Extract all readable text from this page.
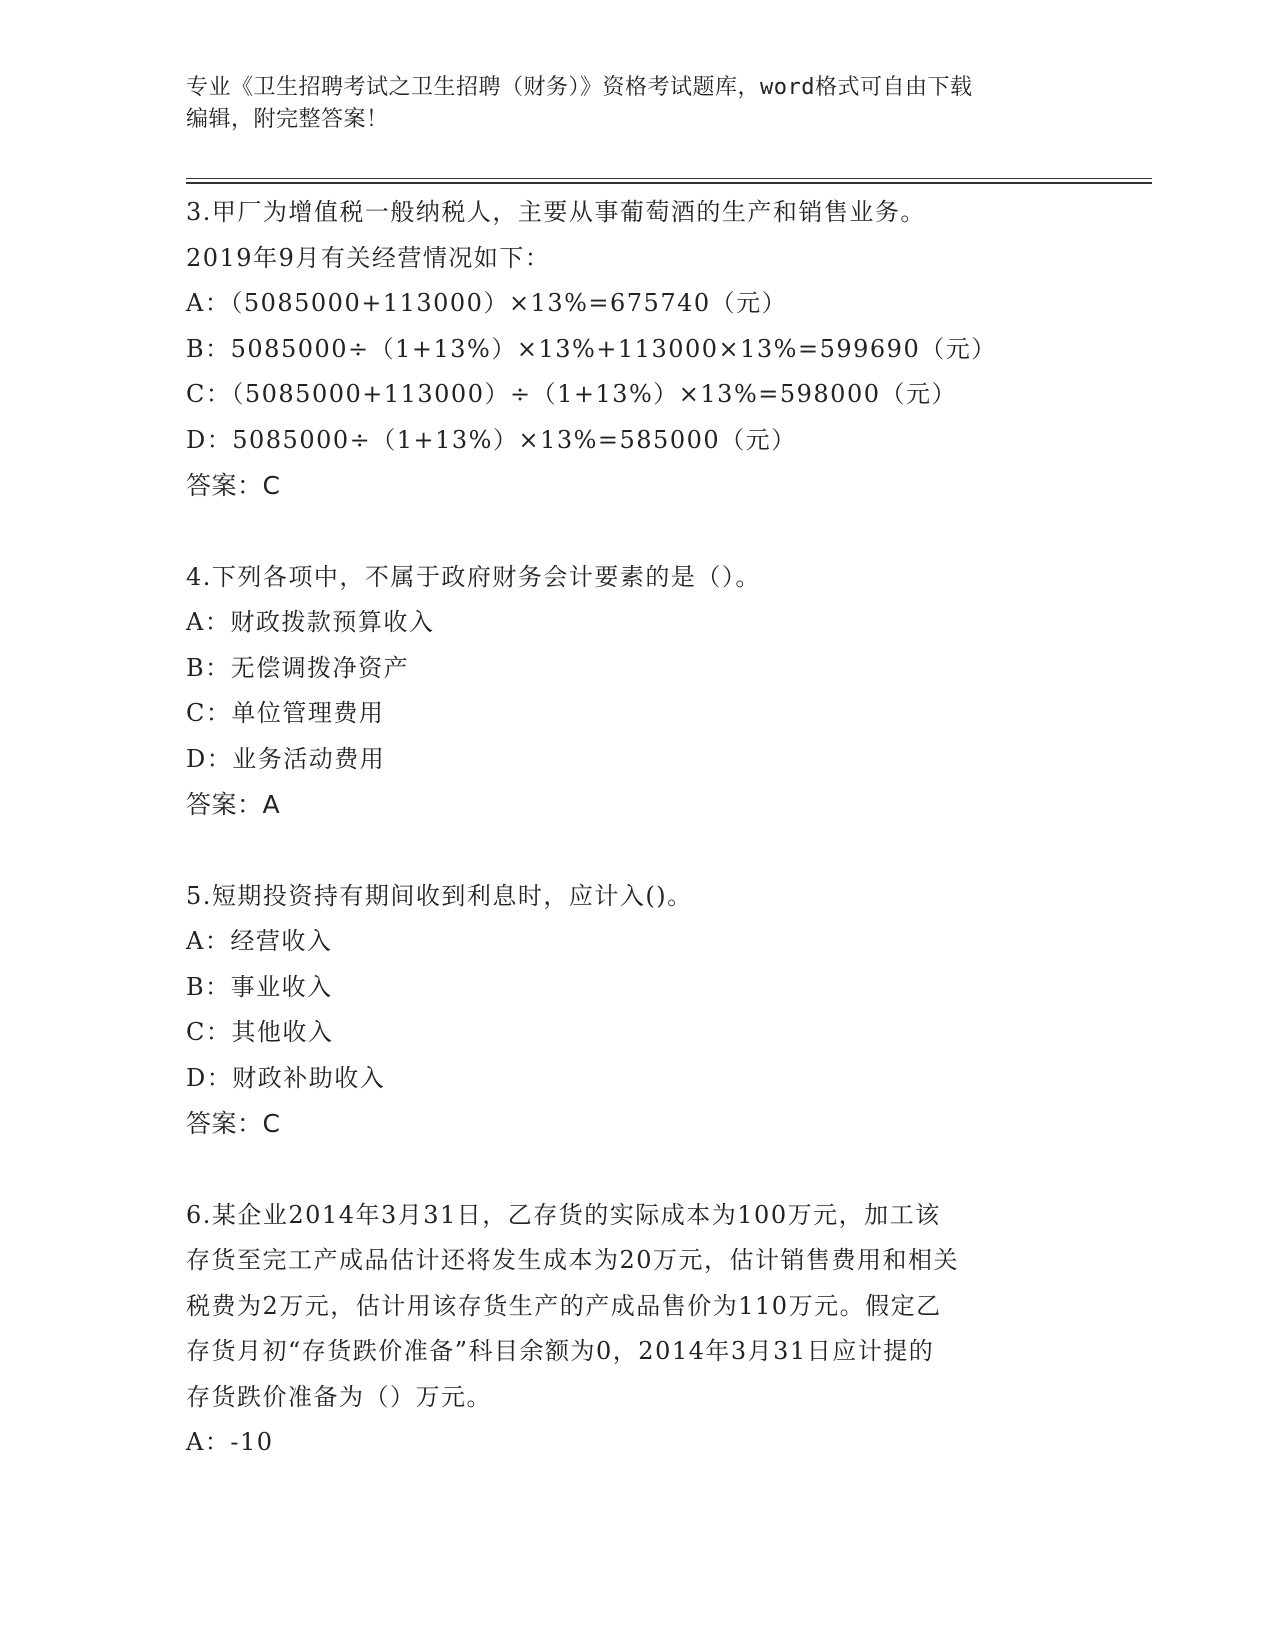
专业《卫生招聘考试之卫生招聘（财务）》资格考试题库，word格式可自由下载
编辑，附完整答案！
3.甲厂为增值税一般纳税人，主要从事葡萄酒的生产和销售业务。
2019年9月有关经营情况如下：
A：（5085000+113000）×13%=675740（元）
B：5085000÷（1+13%）×13%+113000×13%=599690（元）
C：（5085000+113000）÷（1+13%）×13%=598000（元）
D：5085000÷（1+13%）×13%=585000（元）
答案：C
4.下列各项中，不属于政府财务会计要素的是（）。
A：财政拨款预算收入
B：无偿调拨净资产
C：单位管理费用
D：业务活动费用
答案：A
5.短期投资持有期间收到利息时，应计入()。
A：经营收入
B：事业收入
C：其他收入
D：财政补助收入
答案：C
6.某企业2014年3月31日，乙存货的实际成本为100万元，加工该
存货至完工产成品估计还将发生成本为20万元，估计销售费用和相关
税费为2万元，估计用该存货生产的产成品售价为110万元。假定乙
存货月初“存货跌价准备”科目余额为0，2014年3月31日应计提的
存货跌价准备为（）万元。
A：-10
